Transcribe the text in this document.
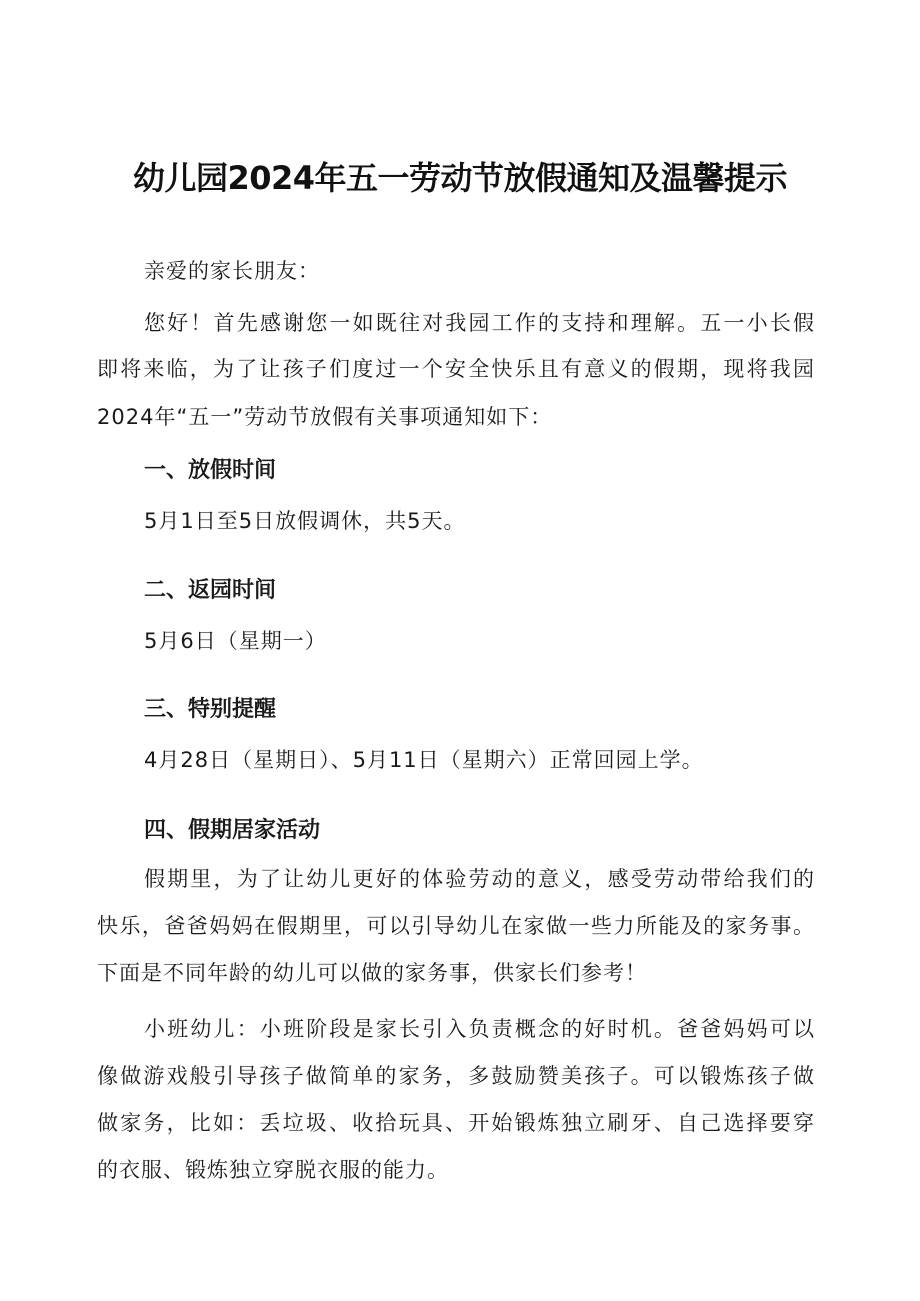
幼儿园2024年五一劳动节放假通知及温馨提示
亲爱的家长朋友：
您好！首先感谢您一如既往对我园工作的支持和理解。五一小长假
即将来临，为了让孩子们度过一个安全快乐且有意义的假期，现将我园
2024年“五一”劳动节放假有关事项通知如下：
一、放假时间
5月1日至5日放假调休，共5天。
二、返园时间
5月6日（星期一）
三、特别提醒
4月28日（星期日）、5月11日（星期六）正常回园上学。
四、假期居家活动
假期里，为了让幼儿更好的体验劳动的意义，感受劳动带给我们的
快乐，爸爸妈妈在假期里，可以引导幼儿在家做一些力所能及的家务事。
下面是不同年龄的幼儿可以做的家务事，供家长们参考！
小班幼儿：小班阶段是家长引入负责概念的好时机。爸爸妈妈可以
像做游戏般引导孩子做简单的家务，多鼓励赞美孩子。可以锻炼孩子做
做家务，比如：丢垃圾、收拾玩具、开始锻炼独立刷牙、自己选择要穿
的衣服、锻炼独立穿脱衣服的能力。
